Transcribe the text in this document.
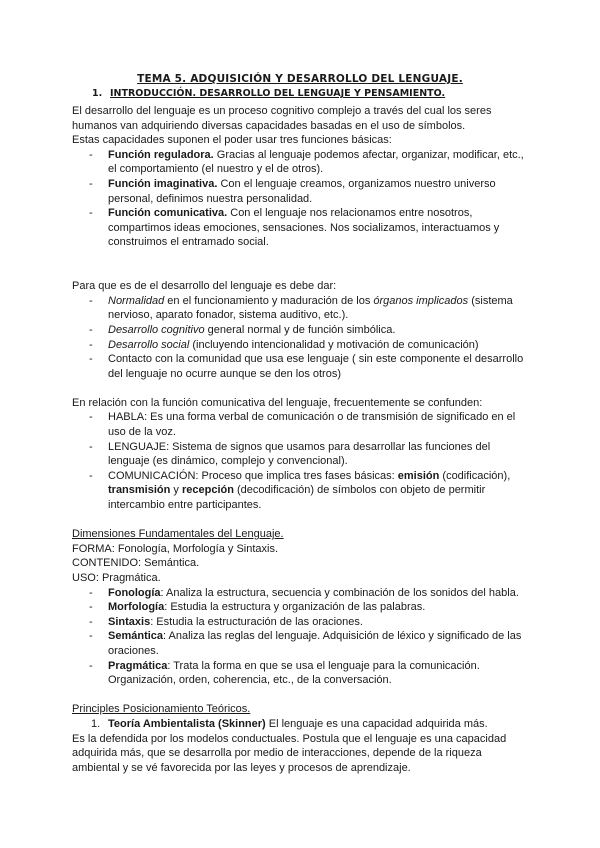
TEMA 5. ADQUISICIÓN Y DESARROLLO DEL LENGUAJE.
1. INTRODUCCIÓN. DESARROLLO DEL LENGUAJE Y PENSAMIENTO.

El desarrollo del lenguaje es un proceso cognitivo complejo a través del cual los seres humanos van adquiriendo diversas capacidades basadas en el uso de símbolos.

Estas capacidades suponen el poder usar tres funciones básicas:

- Función reguladora. Gracias al lenguaje podemos afectar, organizar, modificar, etc., el comportamiento (el nuestro y el de otros).
- Función imaginativa. Con el lenguaje creamos, organizamos nuestro universo personal, definimos nuestra personalidad.
- Función comunicativa. Con el lenguaje nos relacionamos entre nosotros, compartimos ideas emociones, sensaciones. Nos socializamos, interactuamos y construimos el entramado social.

Para que es de el desarrollo del lenguaje es debe dar:

- Normalidad en el funcionamiento y maduración de los órganos implicados (sistema nervioso, aparato fonador, sistema auditivo, etc.).
- Desarrollo cognitivo general normal y de función simbólica.
- Desarrollo social (incluyendo intencionalidad y motivación de comunicación)
- Contacto con la comunidad que usa ese lenguaje ( sin este componente el desarrollo del lenguaje no ocurre aunque se den los otros)

En relación con la función comunicativa del lenguaje, frecuentemente se confunden:

- HABLA: Es una forma verbal de comunicación o de transmisión de significado en el uso de la voz.
- LENGUAJE: Sistema de signos que usamos para desarrollar las funciones del lenguaje (es dinámico, complejo y convencional).
- COMUNICACIÓN: Proceso que implica tres fases básicas: emisión (codificación), transmisión y recepción (decodificación) de símbolos con objeto de permitir intercambio entre participantes.

Dimensiones Fundamentales del Lenguaje.

FORMA: Fonología, Morfología y Sintaxis.

CONTENIDO: Semántica.

USO: Pragmática.

- Fonología: Analiza la estructura, secuencia y combinación de los sonidos del habla.
- Morfología: Estudia la estructura y organización de las palabras.
- Sintaxis: Estudia la estructuración de las oraciones.
- Semántica: Analiza las reglas del lenguaje. Adquisición de léxico y significado de las oraciones.
- Pragmática: Trata la forma en que se usa el lenguaje para la comunicación. Organización, orden, coherencia, etc., de la conversación.

Principles Posicionamiento Teóricos.

1. Teoría Ambientalista (Skinner) El lenguaje es una capacidad adquirida más.

Es la defendida por los modelos conductuales. Postula que el lenguaje es una capacidad adquirida más, que se desarrolla por medio de interacciones, depende de la riqueza ambiental y se vé favorecida por las leyes y procesos de aprendizaje.
